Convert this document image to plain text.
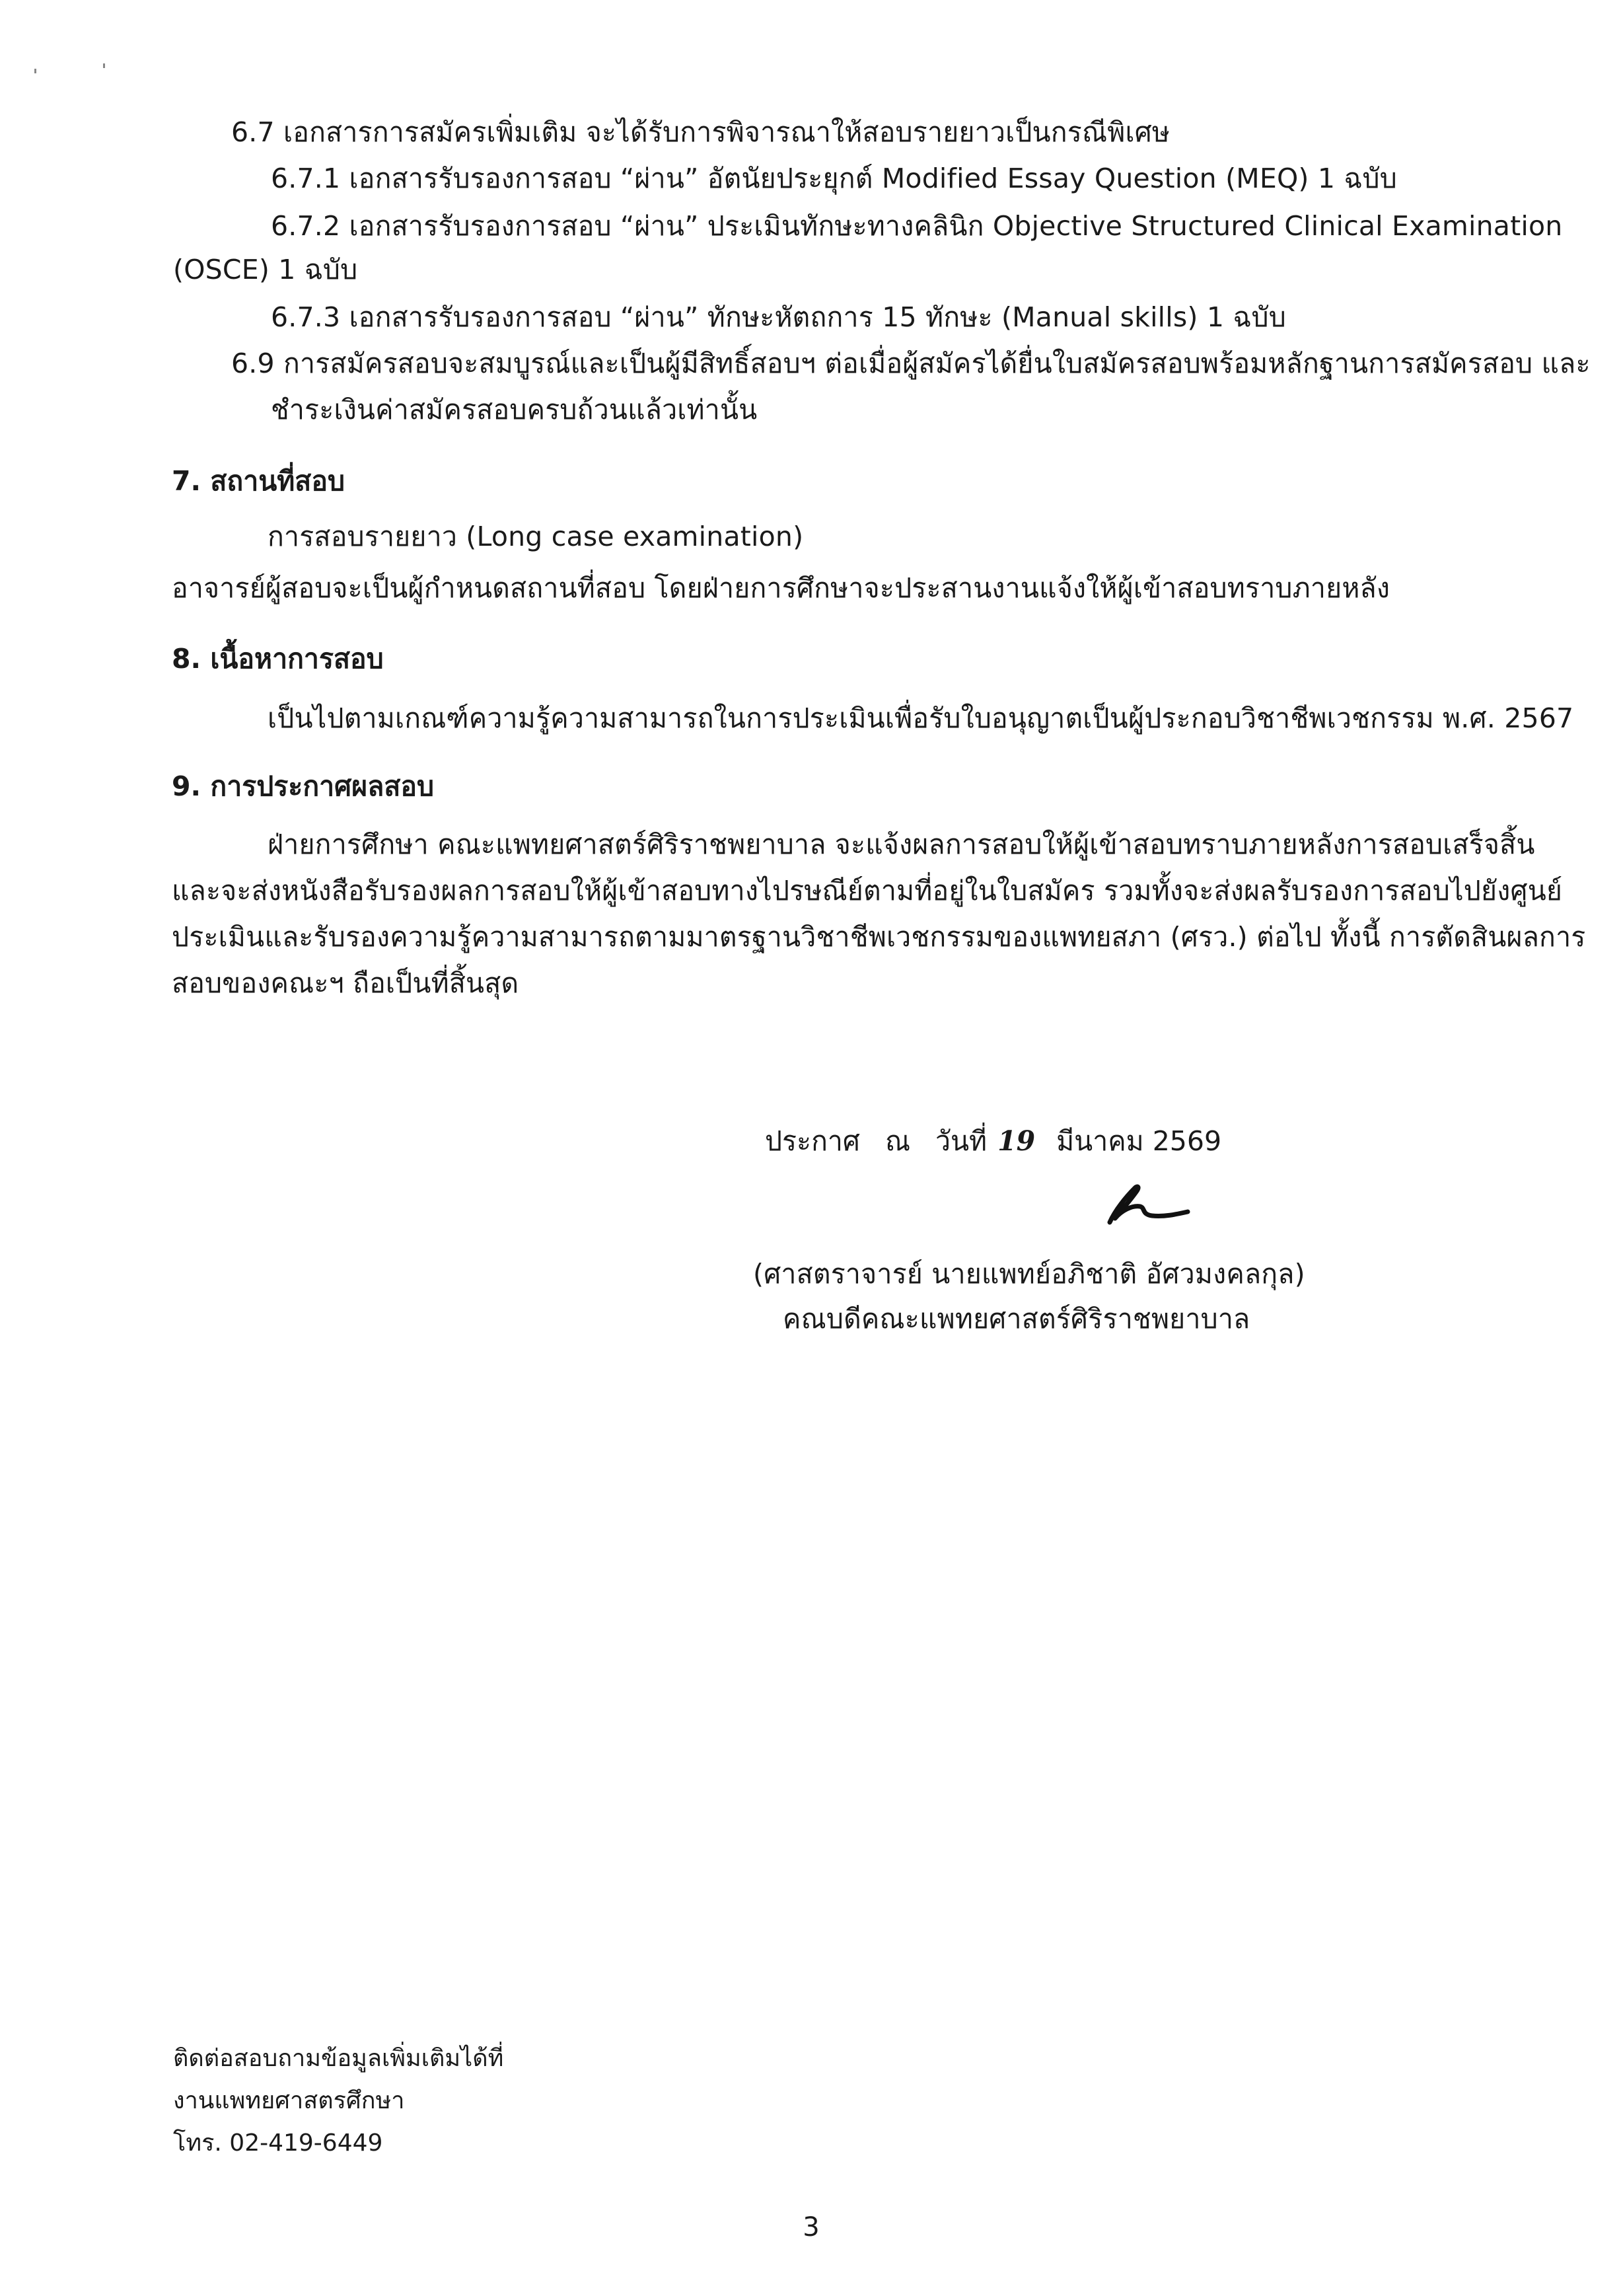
6.7 เอกสารการสมัครเพิ่มเติม จะได้รับการพิจารณาให้สอบรายยาวเป็นกรณีพิเศษ
6.7.1 เอกสารรับรองการสอบ “ผ่าน” อัตนัยประยุกต์ Modified Essay Question (MEQ) 1 ฉบับ
6.7.2 เอกสารรับรองการสอบ “ผ่าน” ประเมินทักษะทางคลินิก Objective Structured Clinical Examination
(OSCE) 1 ฉบับ
6.7.3 เอกสารรับรองการสอบ “ผ่าน” ทักษะหัตถการ 15 ทักษะ (Manual skills) 1 ฉบับ
6.9 การสมัครสอบจะสมบูรณ์และเป็นผู้มีสิทธิ์สอบฯ ต่อเมื่อผู้สมัครได้ยื่นใบสมัครสอบพร้อมหลักฐานการสมัครสอบ และ
ชำระเงินค่าสมัครสอบครบถ้วนแล้วเท่านั้น
7. สถานที่สอบ
การสอบรายยาว (Long case examination)
อาจารย์ผู้สอบจะเป็นผู้กำหนดสถานที่สอบ โดยฝ่ายการศึกษาจะประสานงานแจ้งให้ผู้เข้าสอบทราบภายหลัง
8. เนื้อหาการสอบ
เป็นไปตามเกณฑ์ความรู้ความสามารถในการประเมินเพื่อรับใบอนุญาตเป็นผู้ประกอบวิชาชีพเวชกรรม พ.ศ. 2567
9. การประกาศผลสอบ
ฝ่ายการศึกษา คณะแพทยศาสตร์ศิริราชพยาบาล จะแจ้งผลการสอบให้ผู้เข้าสอบทราบภายหลังการสอบเสร็จสิ้น
และจะส่งหนังสือรับรองผลการสอบให้ผู้เข้าสอบทางไปรษณีย์ตามที่อยู่ในใบสมัคร รวมทั้งจะส่งผลรับรองการสอบไปยังศูนย์
ประเมินและรับรองความรู้ความสามารถตามมาตรฐานวิชาชีพเวชกรรมของแพทยสภา (ศรว.) ต่อไป ทั้งนี้ การตัดสินผลการ
สอบของคณะฯ ถือเป็นที่สิ้นสุด
ประกาศ ณ วันที่ 19 มีนาคม 2569
(ศาสตราจารย์ นายแพทย์อภิชาติ อัศวมงคลกุล)
คณบดีคณะแพทยศาสตร์ศิริราชพยาบาล
ติดต่อสอบถามข้อมูลเพิ่มเติมได้ที่
งานแพทยศาสตรศึกษา
โทร. 02-419-6449
3
